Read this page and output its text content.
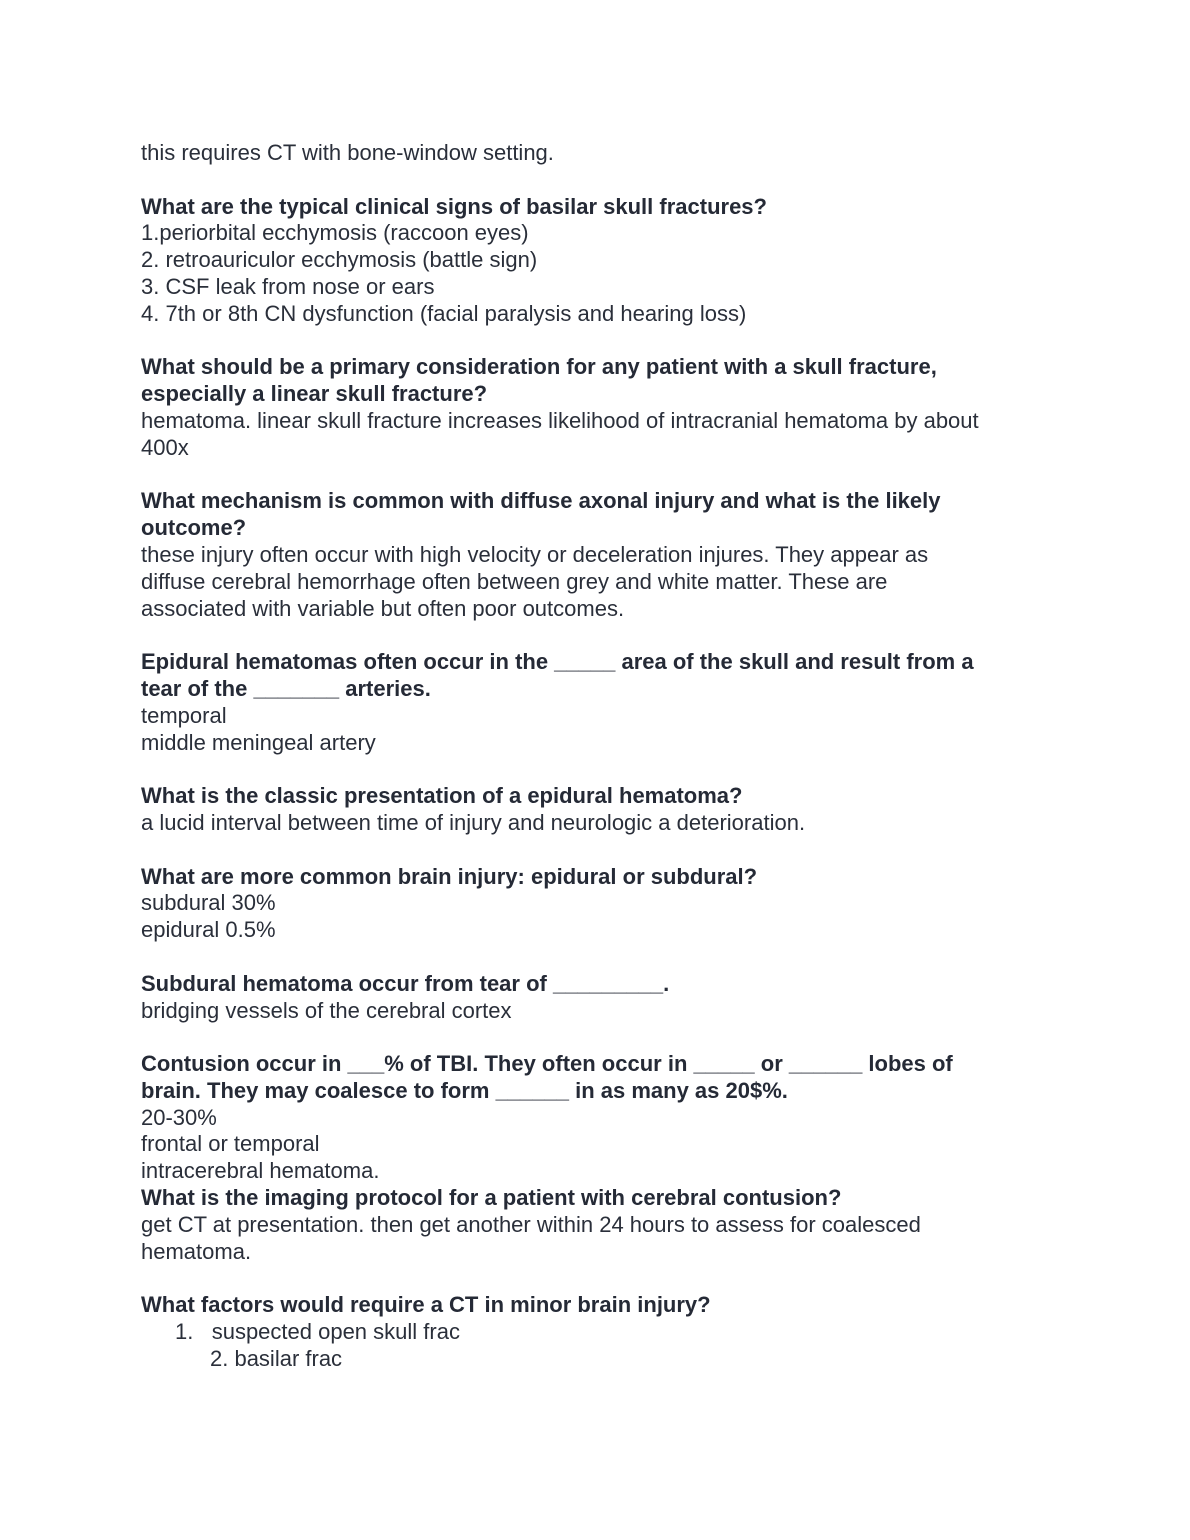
this requires CT with bone-window setting.
What are the typical clinical signs of basilar skull fractures?
1.periorbital ecchymosis (raccoon eyes)
2. retroauriculor ecchymosis (battle sign)
3. CSF leak from nose or ears
4. 7th or 8th CN dysfunction (facial paralysis and hearing loss)
What should be a primary consideration for any patient with a skull fracture,
especially a linear skull fracture?
hematoma. linear skull fracture increases likelihood of intracranial hematoma by about
400x
What mechanism is common with diffuse axonal injury and what is the likely
outcome?
these injury often occur with high velocity or deceleration injures. They appear as
diffuse cerebral hemorrhage often between grey and white matter. These are
associated with variable but often poor outcomes.
Epidural hematomas often occur in the _____ area of the skull and result from a
tear of the _______ arteries.
temporal
middle meningeal artery
What is the classic presentation of a epidural hematoma?
a lucid interval between time of injury and neurologic a deterioration.
What are more common brain injury: epidural or subdural?
subdural 30%
epidural 0.5%
Subdural hematoma occur from tear of _________.
bridging vessels of the cerebral cortex
Contusion occur in ___% of TBI. They often occur in _____ or ______ lobes of
brain. They may coalesce to form ______ in as many as 20$%.
20-30%
frontal or temporal
intracerebral hematoma.
What is the imaging protocol for a patient with cerebral contusion?
get CT at presentation. then get another within 24 hours to assess for coalesced
hematoma.
What factors would require a CT in minor brain injury?
1. suspected open skull frac
2. basilar frac
